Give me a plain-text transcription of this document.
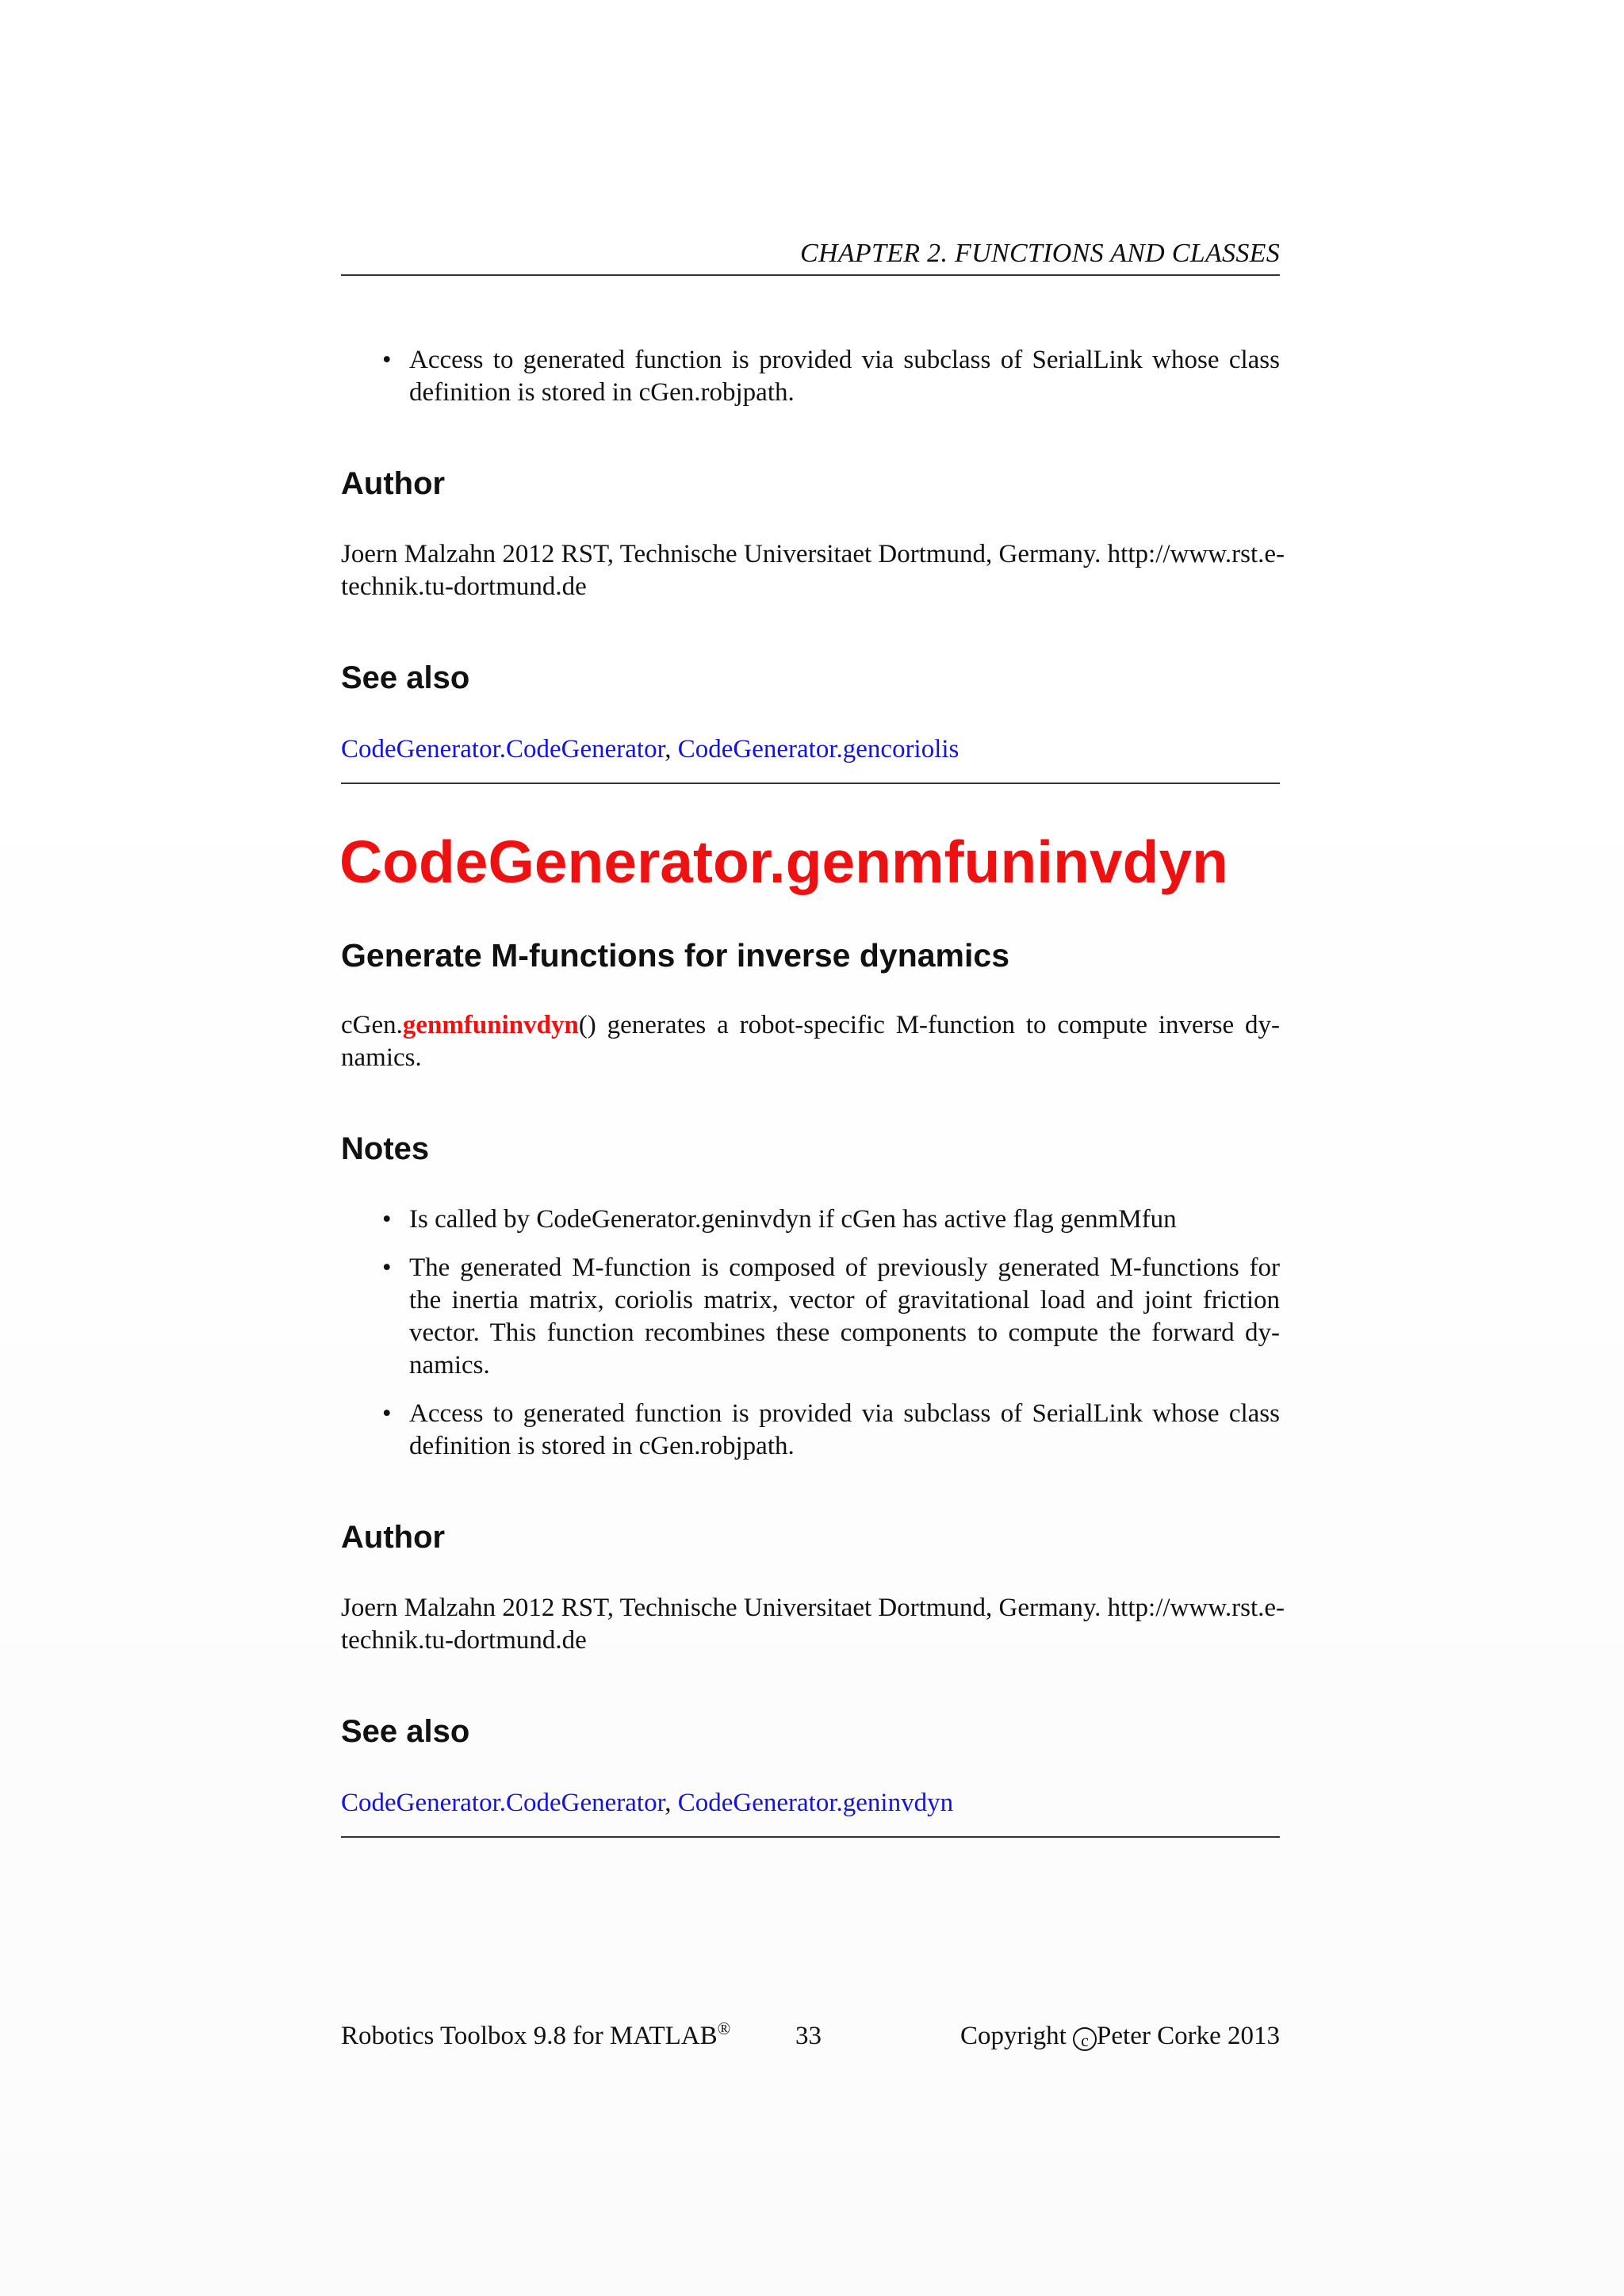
CHAPTER 2. FUNCTIONS AND CLASSES
• Access to generated function is provided via subclass of SerialLink whose class
definition is stored in cGen.robjpath.
Author
Joern Malzahn 2012 RST, Technische Universitaet Dortmund, Germany. http://www.rst.e-
technik.tu-dortmund.de
See also
CodeGenerator.CodeGenerator, CodeGenerator.gencoriolis
CodeGenerator.genmfuninvdyn
Generate M-functions for inverse dynamics
cGen.genmfuninvdyn() generates a robot-specific M-function to compute inverse dy-
namics.
Notes
• Is called by CodeGenerator.geninvdyn if cGen has active flag genmMfun
• The generated M-function is composed of previously generated M-functions for
the inertia matrix, coriolis matrix, vector of gravitational load and joint friction
vector. This function recombines these components to compute the forward dy-
namics.
• Access to generated function is provided via subclass of SerialLink whose class
definition is stored in cGen.robjpath.
Author
Joern Malzahn 2012 RST, Technische Universitaet Dortmund, Germany. http://www.rst.e-
technik.tu-dortmund.de
See also
CodeGenerator.CodeGenerator, CodeGenerator.geninvdyn
Robotics Toolbox 9.8 for MATLAB® 33	Copyright c Peter Corke 2013
